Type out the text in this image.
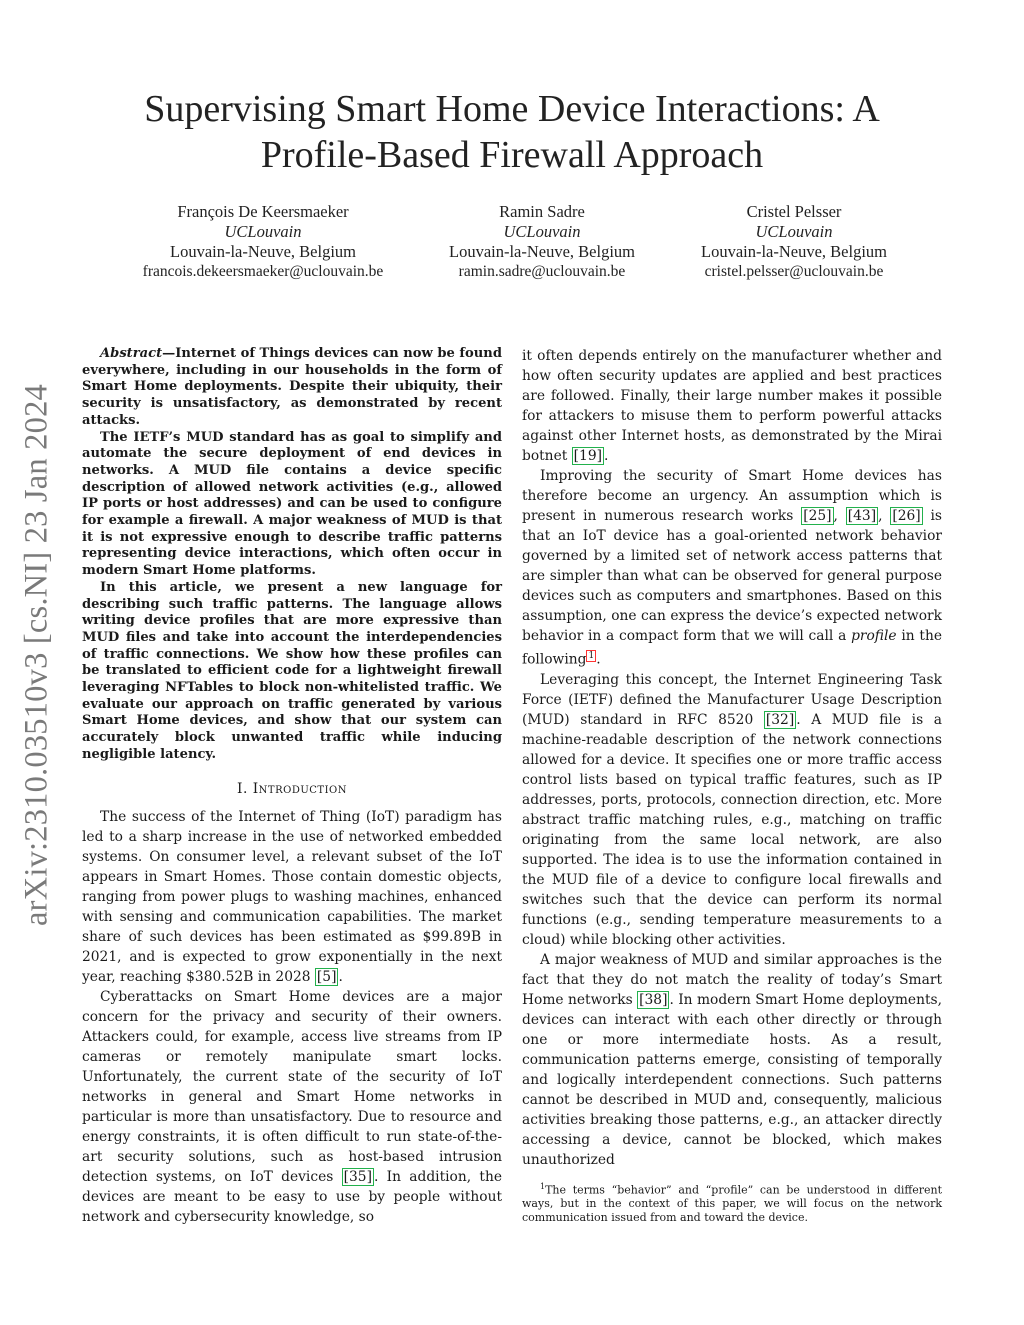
arXiv:2310.03510v3 [cs.NI] 23 Jan 2024
Supervising Smart Home Device Interactions: A
Profile-Based Firewall Approach
François De Keersmaeker
UCLouvain
Louvain-la-Neuve, Belgium
francois.dekeersmaeker@uclouvain.be
Ramin Sadre
UCLouvain
Louvain-la-Neuve, Belgium
ramin.sadre@uclouvain.be
Cristel Pelsser
UCLouvain
Louvain-la-Neuve, Belgium
cristel.pelsser@uclouvain.be

Abstract—Internet of Things devices can now be found everywhere, including in our households in the form of Smart Home deployments. Despite their ubiquity, their security is unsatisfactory, as demonstrated by recent attacks.

The IETF’s MUD standard has as goal to simplify and automate the secure deployment of end devices in networks. A MUD file contains a device specific description of allowed network activities (e.g., allowed IP ports or host addresses) and can be used to configure for example a firewall. A major weakness of MUD is that it is not expressive enough to describe traffic patterns representing device interactions, which often occur in modern Smart Home platforms.

In this article, we present a new language for describing such traffic patterns. The language allows writing device profiles that are more expressive than MUD files and take into account the interdependencies of traffic connections. We show how these profiles can be translated to efficient code for a lightweight firewall leveraging NFTables to block non-whitelisted traffic. We evaluate our approach on traffic generated by various Smart Home devices, and show that our system can accurately block unwanted traffic while inducing negligible latency.

I. Introduction

The success of the Internet of Thing (IoT) paradigm has led to a sharp increase in the use of networked embedded systems. On consumer level, a relevant subset of the IoT appears in Smart Homes. Those contain domestic objects, ranging from power plugs to washing machines, enhanced with sensing and communication capabilities. The market share of such devices has been estimated as $99.89B in 2021, and is expected to grow exponentially in the next year, reaching $380.52B in 2028 [5] .

Cyberattacks on Smart Home devices are a major concern for the privacy and security of their owners. Attackers could, for example, access live streams from IP cameras or remotely manipulate smart locks. Unfortunately, the current state of the security of IoT networks in general and Smart Home networks in particular is more than unsatisfactory. Due to resource and energy constraints, it is often difficult to run state-of-the-art security solutions, such as host-based intrusion detection systems, on IoT devices [35] . In addition, the devices are meant to be easy to use by people without network and cybersecurity knowledge, so

it often depends entirely on the manufacturer whether and how often security updates are applied and best practices are followed. Finally, their large number makes it possible for attackers to misuse them to perform powerful attacks against other Internet hosts, as demonstrated by the Mirai botnet [19] .

Improving the security of Smart Home devices has therefore become an urgency. An assumption which is present in numerous research works [25] , [43] , [26] is that an IoT device has a goal-oriented network behavior governed by a limited set of network access patterns that are simpler than what can be observed for general purpose devices such as computers and smartphones. Based on this assumption, one can express the device’s expected network behavior in a compact form that we will call a profile in the following $^1$ .

Leveraging this concept, the Internet Engineering Task Force (IETF) defined the Manufacturer Usage Description (MUD) standard in RFC 8520 [32] . A MUD file is a machine-readable description of the network connections allowed for a device. It specifies one or more traffic access control lists based on typical traffic features, such as IP addresses, ports, protocols, connection direction, etc. More abstract traffic matching rules, e.g., matching on traffic originating from the same local network, are also supported. The idea is to use the information contained in the MUD file of a device to configure local firewalls and switches such that the device can perform its normal functions (e.g., sending temperature measurements to a cloud) while blocking other activities.

A major weakness of MUD and similar approaches is the fact that they do not match the reality of today’s Smart Home networks [38] . In modern Smart Home deployments, devices can interact with each other directly or through one or more intermediate hosts. As a result, communication patterns emerge, consisting of temporally and logically interdependent connections. Such patterns cannot be described in MUD and, consequently, malicious activities breaking those patterns, e.g., an attacker directly accessing a device, cannot be blocked, which makes unauthorized

$^1$The terms “behavior” and “profile” can be understood in different ways, but in the context of this paper, we will focus on the network communication issued from and toward the device.
